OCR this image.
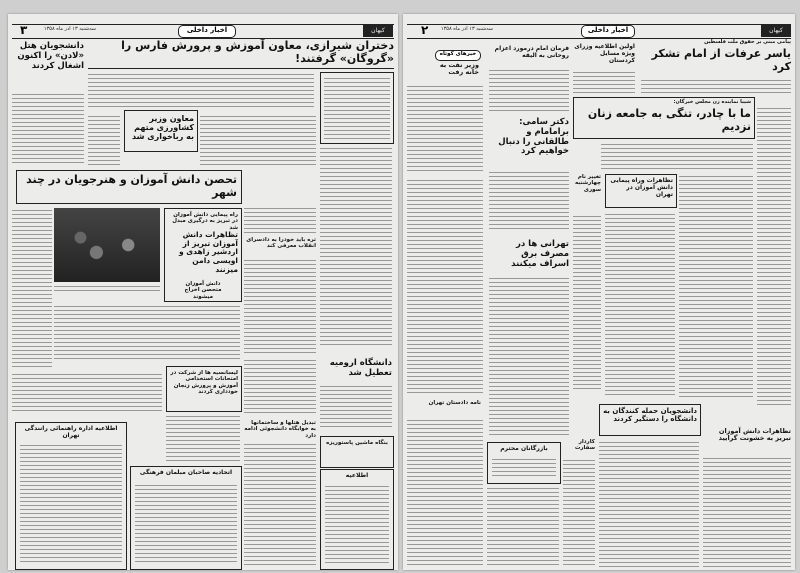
۳	سه‌شنبه ۱۳ اذر ماه ۱۳۵۸	اخبار داخلی	کیهان
دختران شیرازی، معاون آموزش و پرورش فارس را «گروگان» گرفتند!
دانشجویان هتل «لادن» را اکنون اشغال کردند
معاون وزیر کشاورزی متهم به رباخواری شد
تحصن دانش آموزان و هنرجویان در چند شهر
راه پیمایی دانش آموزان در تبریز به درگیری مبدل شد
تظاهرات دانش آموزان تبریز از اردشیر زاهدی و اویسی دامن میزنند
دانش آموزان متحصن اخراج میشوند
تره باید خودرا به دادسرای انقلاب معرفی کند
لیسانسیه ها از شرکت در امتحانات استخدامی آموزش و پرورش زنجان خودداری کردند
دانشگاه ارومیه تعطیل شد
تبدیل هتلها و ساختمانها به خوابگاه دانشجوئی ادامه دارد
اطلاعیه اداره راهنمائی رانندگی تهران
اتحادیه صاحبان مبلمان فرهنگی
بنگاه ماشین پاستوریزه
اطلاعیه
۲	سه‌شنبه ۱۳ اذر ماه ۱۳۵۸	اخبار داخلی	کیهان
پیامی مبنی بر حقوق ملت فلسطین
یاسر عرفات از امام تشکر کرد
اولین اطلاعیه وزرای ویژه مسایل کردستان
فرمان امام درمورد اعزام روحانی به الیقه
خبرهای کوتاه
وزیر نفت به خانه رفت
شیبا نماینده زن مجلس خبرگان:
ما با چادر، تنگی به جامعه زنان نزدیم
دکتر سامی: برامامام و طالقانی را دنبال خواهیم کرد
تظاهرات وراه پیمایی دانش آموزان در تهران
تغییر نام چهارشنبه سوری
تهرانی ها در مصرف برق اسراف میکنند
نامه دادستان تهران
دانشجویان حمله کنندگان به دانشگاه را دستگیر کردند
تظاهرات دانش آموزان تبریز به خشونت گرایید
کاردار سفارت
بازرگانان محترم
